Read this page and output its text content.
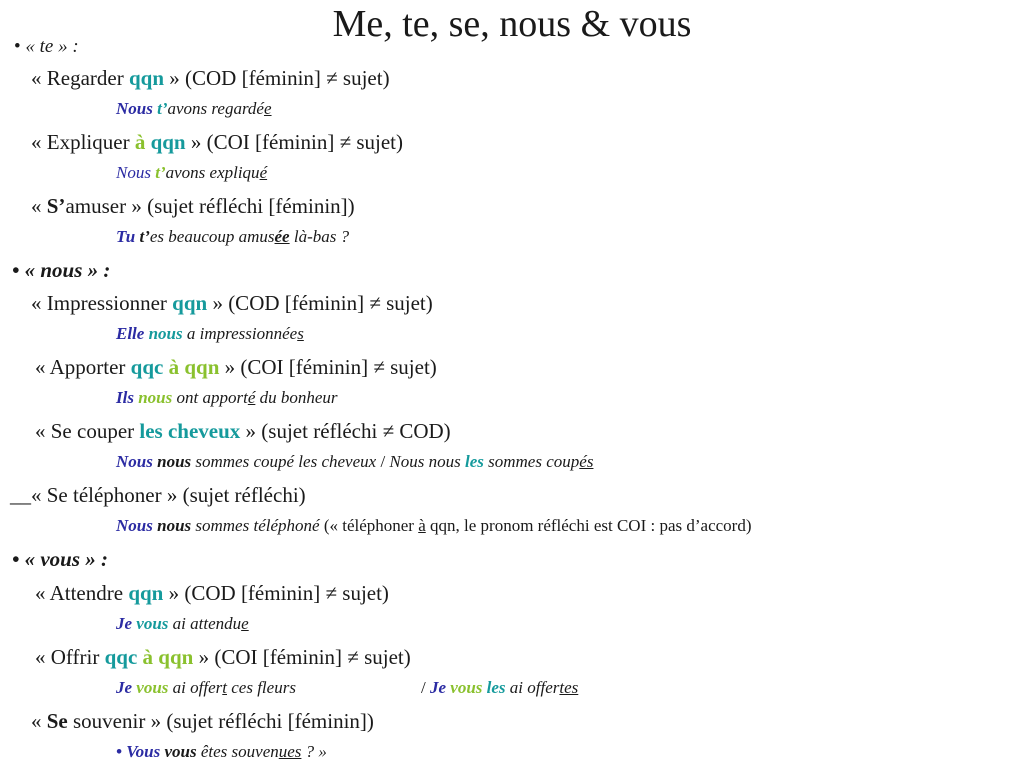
Me, te, se, nous & vous
• « te » :
« Regarder qqn » (COD [féminin] ≠ sujet)
Nous t’avons regardée
« Expliquer à qqn » (COI [féminin] ≠ sujet)
Nous t’avons expliqué
« S’amuser » (sujet réfléchi [féminin])
Tu t’es beaucoup amusée là-bas ?
• « nous » :
« Impressionner qqn » (COD [féminin] ≠ sujet)
Elle nous a impressionnées
« Apporter qqc à qqn » (COI [féminin] ≠ sujet)
Ils nous ont apporté du bonheur
« Se couper les cheveux » (sujet réfléchi ≠ COD)
Nous nous sommes coupé les cheveux / Nous nous les sommes coupés
__« Se téléphoner » (sujet réfléchi)
Nous nous sommes téléphoné (« téléphoner à qqn, le pronom réfléchi est COI : pas d’accord)
• « vous » :
« Attendre qqn » (COD [féminin] ≠ sujet)
Je vous ai attendue
« Offrir qqc à qqn » (COI [féminin] ≠ sujet)
Je vous ai offert ces fleurs	/ Je vous les ai offertes
« Se souvenir » (sujet réfléchi [féminin])
• Vous vous êtes souvenues ? »
